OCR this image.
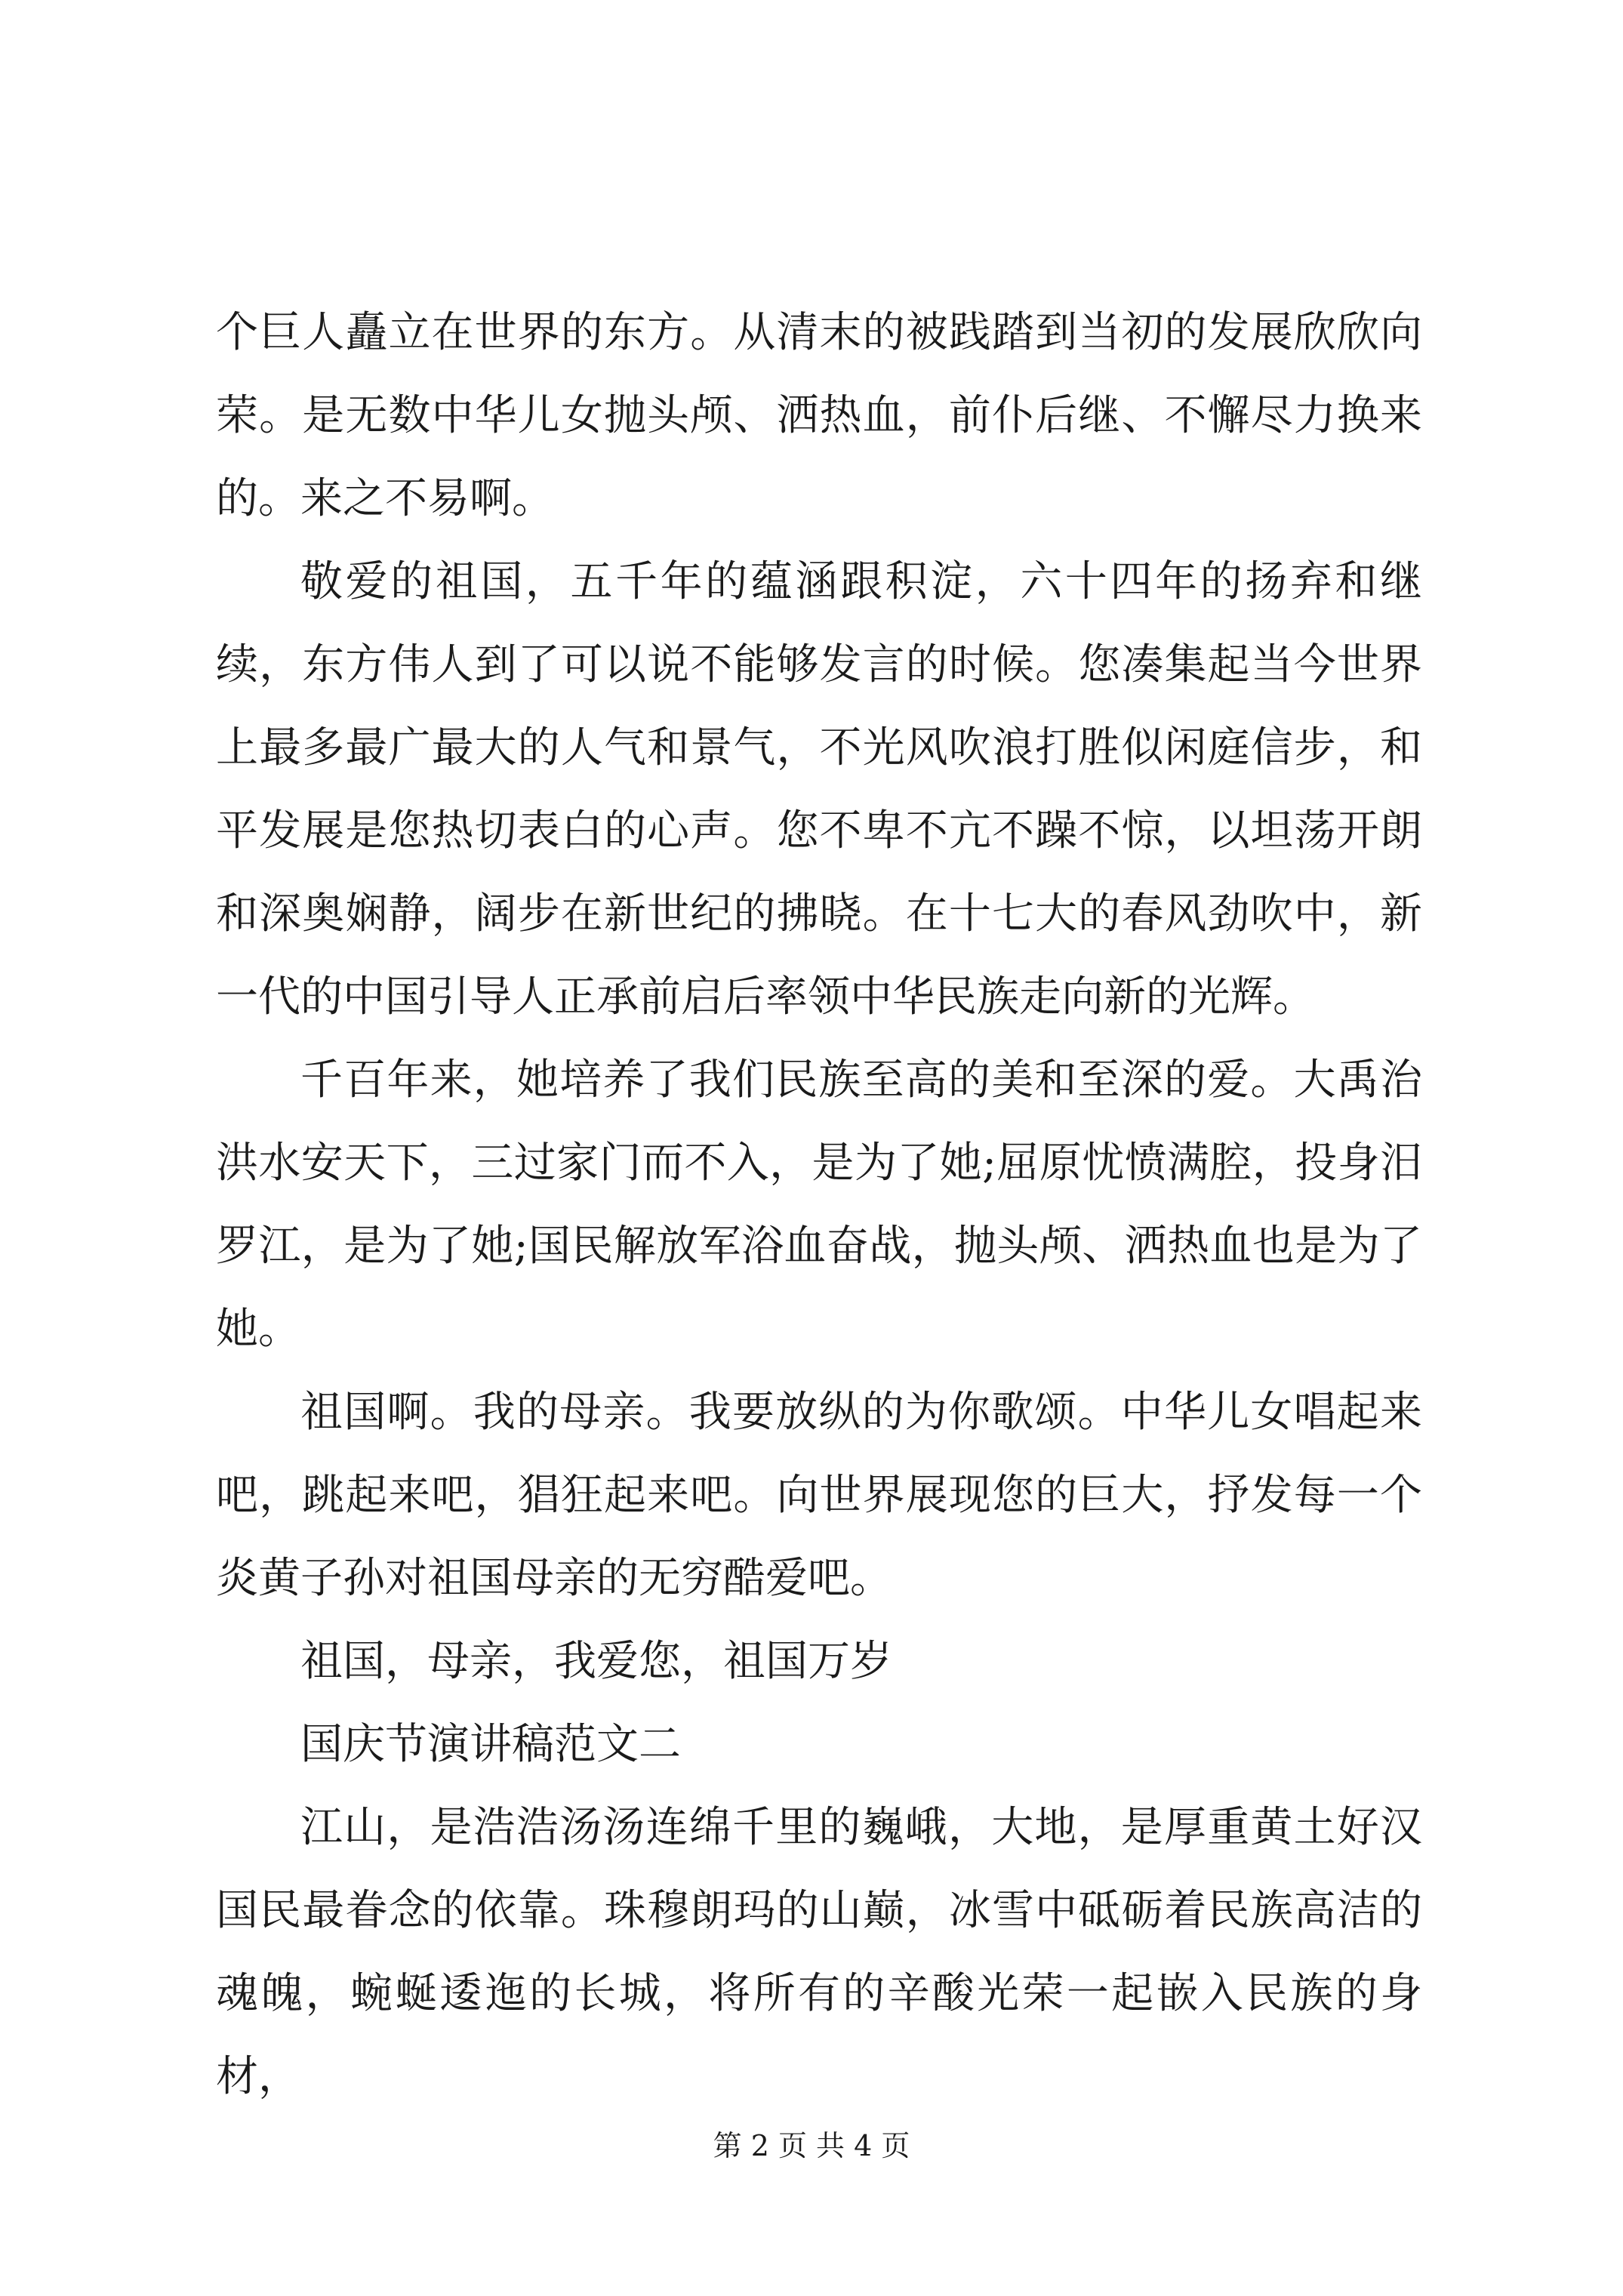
个巨人矗立在世界的东方。从清末的被践踏到当初的发展欣欣向荣。是无数中华儿女抛头颅、洒热血，前仆后继、不懈尽力换来的。来之不易啊。

敬爱的祖国，五千年的蕴涵跟积淀，六十四年的扬弃和继续，东方伟人到了可以说不能够发言的时候。您凑集起当今世界上最多最广最大的人气和景气，不光风吹浪打胜似闲庭信步，和平发展是您热切表白的心声。您不卑不亢不躁不惊，以坦荡开朗和深奥娴静，阔步在新世纪的拂晓。在十七大的春风劲吹中，新一代的中国引导人正承前启后率领中华民族走向新的光辉。

千百年来，她培养了我们民族至高的美和至深的爱。大禹治洪水安天下，三过家门而不入，是为了她;屈原忧愤满腔，投身汨罗江，是为了她;国民解放军浴血奋战，抛头颅、洒热血也是为了她。

祖国啊。我的母亲。我要放纵的为你歌颂。中华儿女唱起来吧，跳起来吧，猖狂起来吧。向世界展现您的巨大，抒发每一个炎黄子孙对祖国母亲的无穷酷爱吧。

祖国，母亲，我爱您，祖国万岁

国庆节演讲稿范文二

江山，是浩浩汤汤连绵千里的巍峨，大地，是厚重黄土好汉国民最眷念的依靠。珠穆朗玛的山巅，冰雪中砥砺着民族高洁的魂魄，蜿蜒逶迤的长城，将所有的辛酸光荣一起嵌入民族的身材，

第 2 页 共 4 页
